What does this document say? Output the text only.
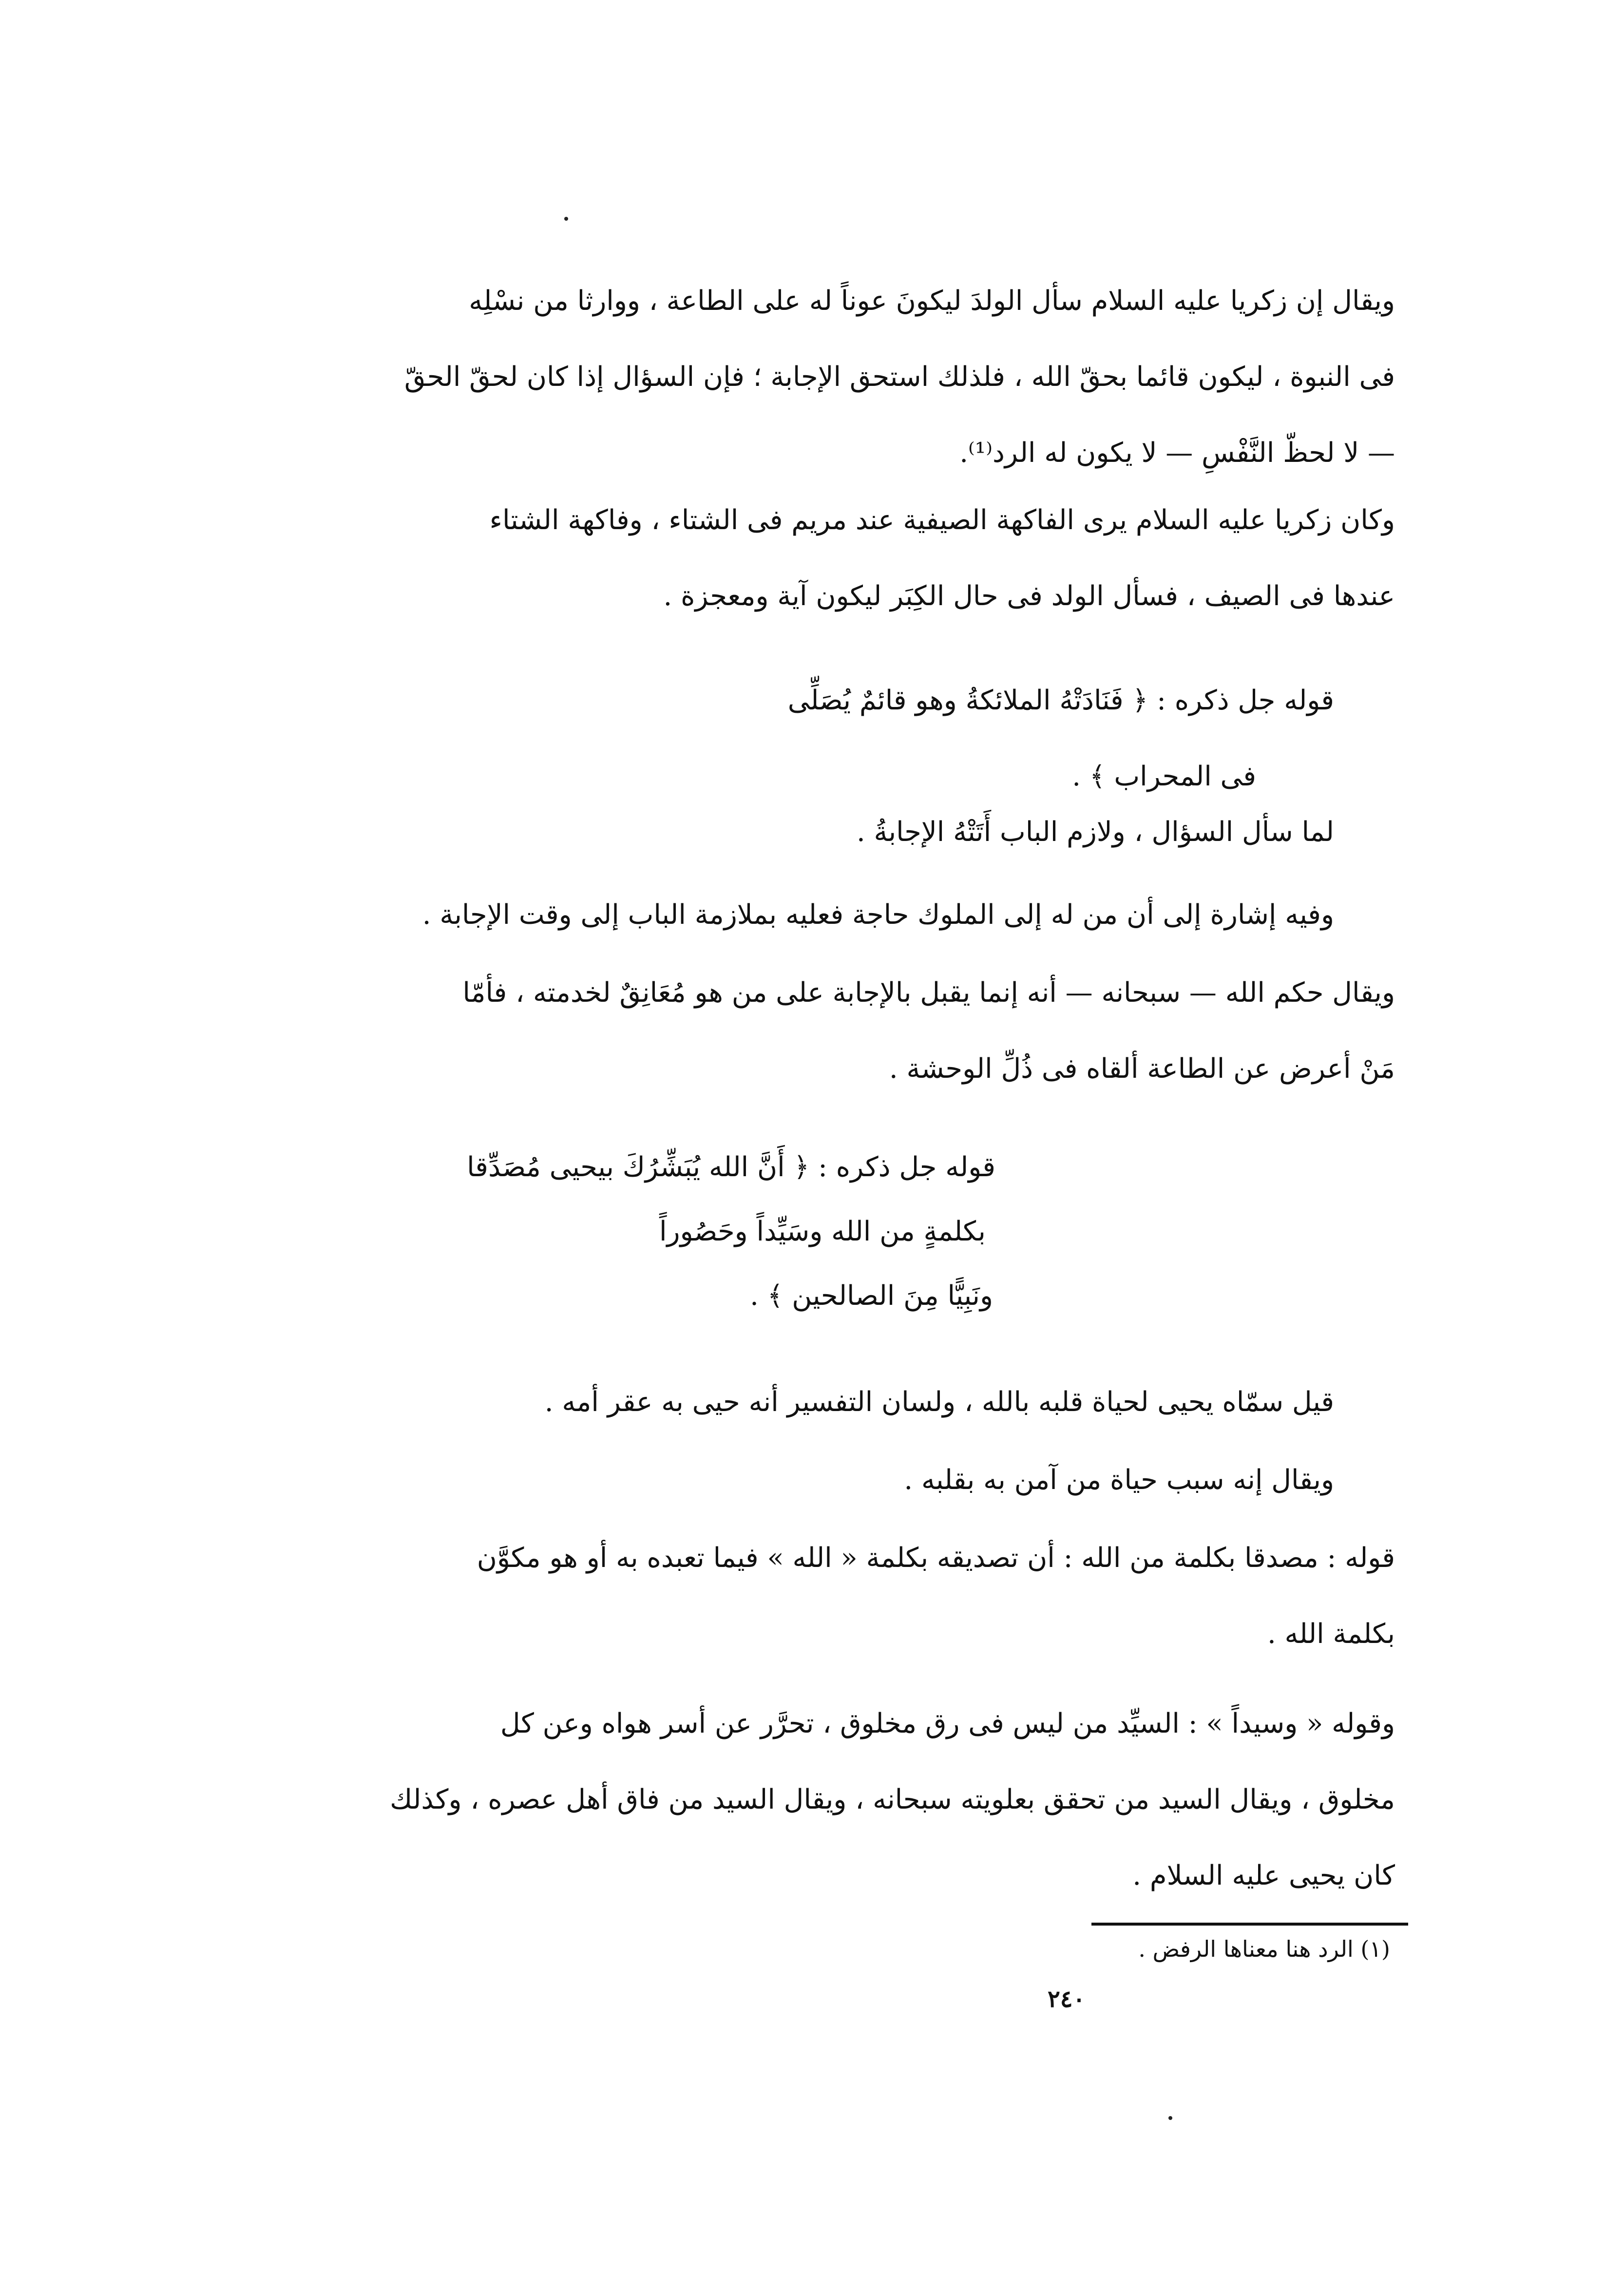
ويقال إن زكريا عليه السلام سأل الولدَ ليكونَ عوناً له على الطاعة ، ووارثا من نسْلِه

فى النبوة ، ليكون قائما بحقّ الله ، فلذلك استحق الإجابة ؛ فإن السؤال إذا كان لحقّ الحقّ

— لا لحظّ النَّفْسِ — لا يكون له الرد⁽¹⁾.

وكان زكريا عليه السلام يرى الفاكهة الصيفية عند مريم فى الشتاء ، وفاكهة الشتاء

عندها فى الصيف ، فسأل الولد فى حال الكِبَر ليكون آية ومعجزة .

قوله جل ذكره : ﴿ فَنَادَتْهُ الملائكةُ وهو قائمٌ يُصَلِّى

فى المحراب ﴾ .

لما سأل السؤال ، ولازم الباب أَتَتْهُ الإجابةُ .

وفيه إشارة إلى أن من له إلى الملوك حاجة فعليه بملازمة الباب إلى وقت الإجابة .

ويقال حكم الله — سبحانه — أنه إنما يقبل بالإجابة على من هو مُعَانِقٌ لخدمته ، فأمّا

مَنْ أعرض عن الطاعة ألقاه فى ذُلِّ الوحشة .

قوله جل ذكره : ﴿ أَنَّ الله يُبَشِّرُكَ بيحيى مُصَدِّقا

بكلمةٍ من الله وسَيِّداً وحَصُوراً

ونَبِيًّا مِنَ الصالحين ﴾ .

قيل سمّاه يحيى لحياة قلبه بالله ، ولسان التفسير أنه حيى به عقر أمه .

ويقال إنه سبب حياة من آمن به بقلبه .

قوله : مصدقا بكلمة من الله : أن تصديقه بكلمة « الله » فيما تعبده به أو هو مكوَّن

بكلمة الله .

وقوله « وسيداً » : السيِّد من ليس فى رق مخلوق ، تحرَّر عن أسر هواه وعن كل

مخلوق ، ويقال السيد من تحقق بعلويته سبحانه ، ويقال السيد من فاق أهل عصره ، وكذلك

كان يحيى عليه السلام .

(١) الرد هنا معناها الرفض .
٢٤٠
